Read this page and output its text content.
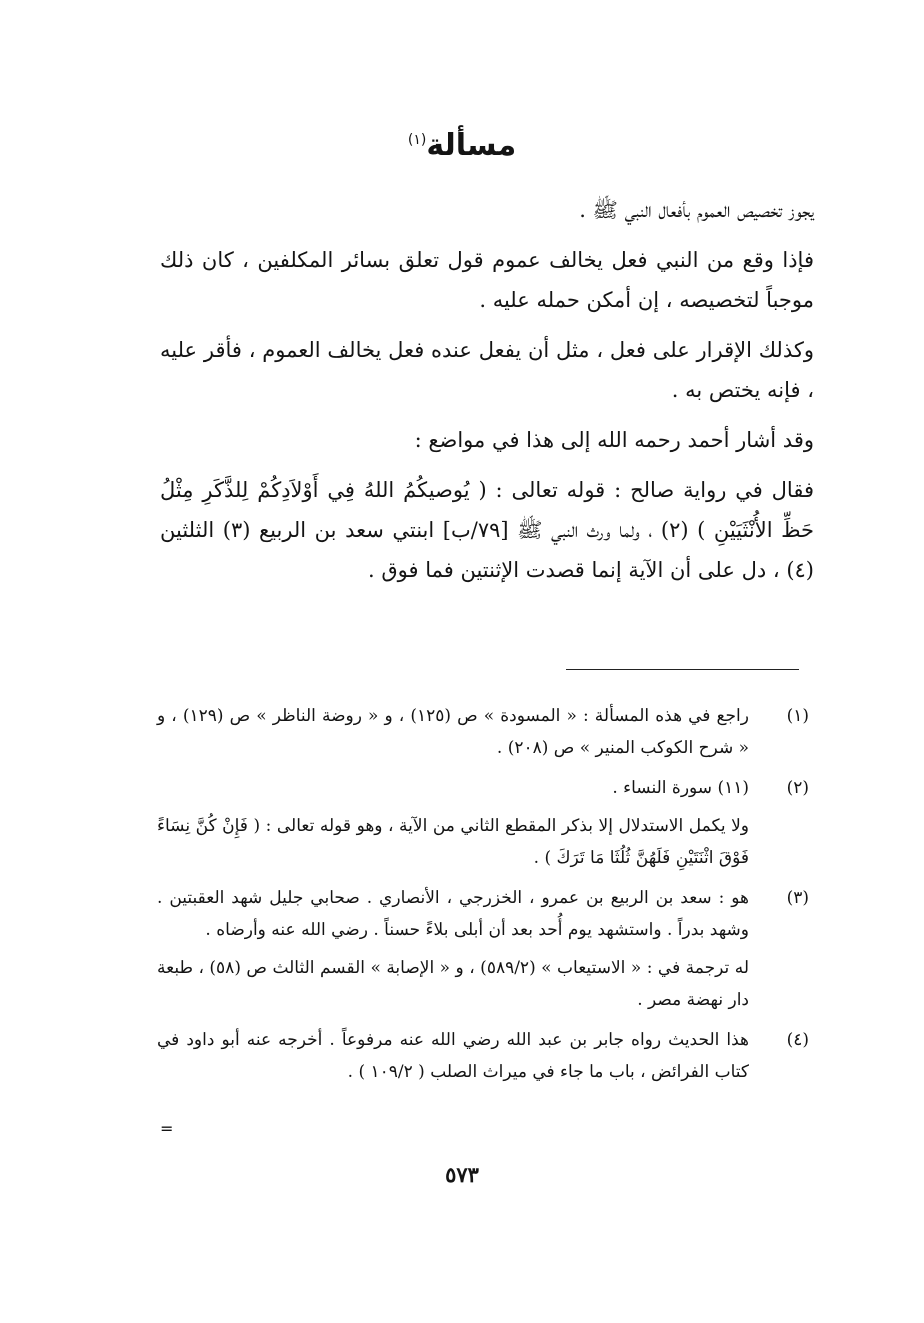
مسألة$^{(١)}$

يجوز تخصيص العموم بأفعال النبي ﷺ .

فإذا وقع من النبي فعل يخالف عموم قول تعلق بسائر المكلفين ، كان ذلك موجباً لتخصيصه ، إن أمكن حمله عليه .

وكذلك الإقرار على فعل ، مثل أن يفعل عنده فعل يخالف العموم ، فأقر عليه ، فإنه يختص به .

وقد أشار أحمد رحمه الله إلى هذا في مواضع :

فقال في رواية صالح : قوله تعالى : ( يُوصيكُمُ اللهُ فِي أَوْلاَدِكُمْ لِلذَّكَرِ مِثْلُ حَظِّ الأُنْثَيَيْنِ ) (٢) ، ولما ورث النبي ﷺ [٧٩/ب] ابنتي سعد بن الربيع (٣) الثلثين (٤) ، دل على أن الآية إنما قصدت الإثنتين فما فوق .

(١)

راجع في هذه المسألة : « المسودة » ص (١٢٥) ، و « روضة الناظر » ص (١٢٩) ، و « شرح الكوكب المنير » ص (٢٠٨) .

(٢)

(١١) سورة النساء .

ولا يكمل الاستدلال إلا بذكر المقطع الثاني من الآية ، وهو قوله تعالى : ( فَإِنْ كُنَّ نِسَاءً فَوْقَ اثْنَتَيْنِ فَلَهُنَّ ثُلُثَا مَا تَرَكَ ) .

(٣)

هو : سعد بن الربيع بن عمرو ، الخزرجي ، الأنصاري . صحابي جليل شهد العقبتين . وشهد بدراً . واستشهد يوم أُحد بعد أن أبلى بلاءً حسناً . رضي الله عنه وأرضاه .

له ترجمة في : « الاستيعاب » (٥٨٩/٢) ، و « الإصابة » القسم الثالث ص (٥٨) ، طبعة دار نهضة مصر .

(٤)

هذا الحديث رواه جابر بن عبد الله رضي الله عنه مرفوعاً . أخرجه عنه أبو داود في كتاب الفرائض ، باب ما جاء في ميراث الصلب ( ١٠٩/٢ ) .

=
٥٧٣
